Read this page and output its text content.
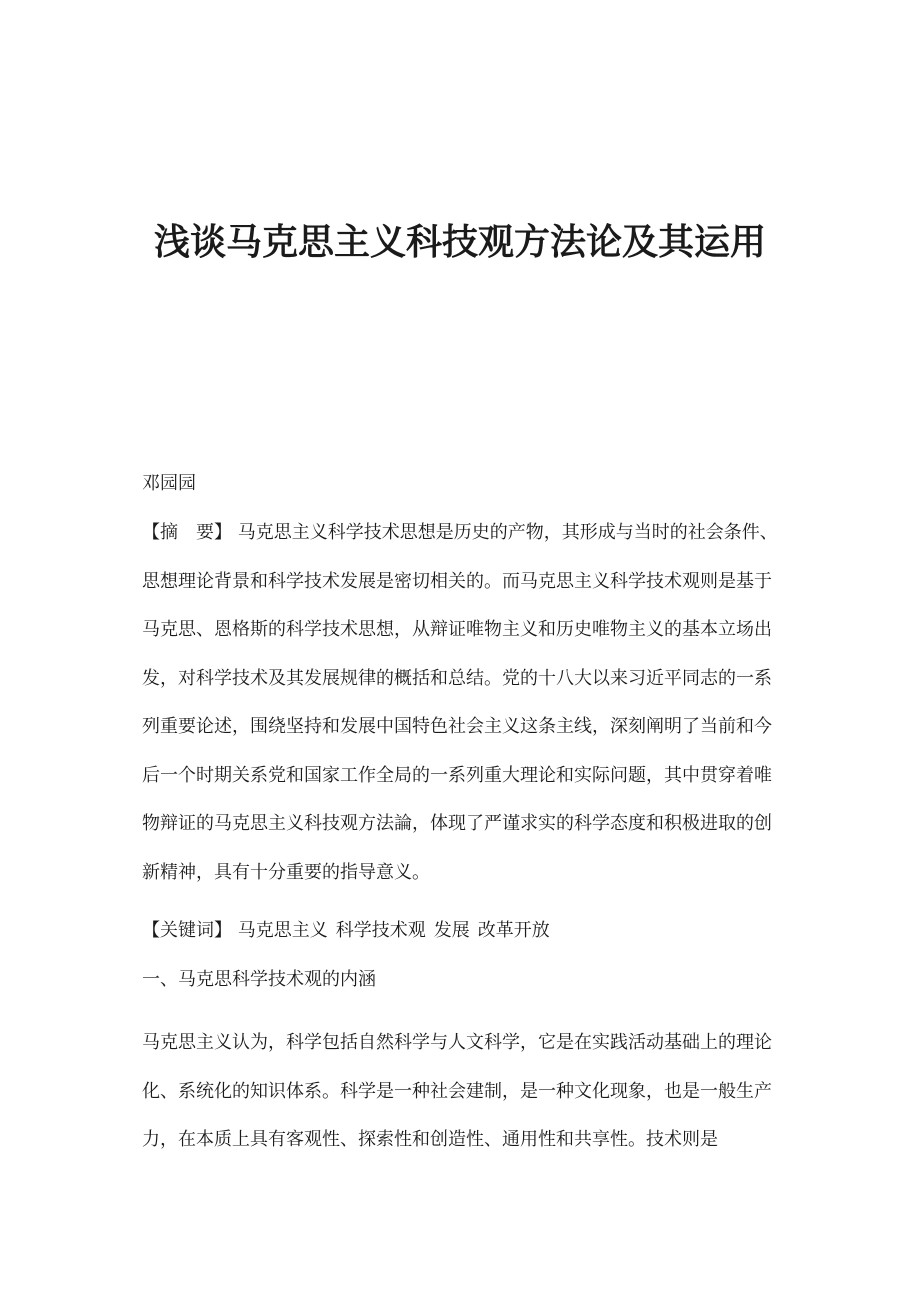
浅谈马克思主义科技观方法论及其运用

邓园园

【摘　要】 马克思主义科学技术思想是历史的产物，其形成与当时的社会条件、思想理论背景和科学技术发展是密切相关的。而马克思主义科学技术观则是基于马克思、恩格斯的科学技术思想，从辩证唯物主义和历史唯物主义的基本立场出发，对科学技术及其发展规律的概括和总结。党的十八大以来习近平同志的一系列重要论述，围绕坚持和发展中国特色社会主义这条主线，深刻阐明了当前和今后一个时期关系党和国家工作全局的一系列重大理论和实际问题，其中贯穿着唯物辩证的马克思主义科技观方法論，体现了严谨求实的科学态度和积极进取的创新精神，具有十分重要的指导意义。

【关键词】 马克思主义 科学技术观 发展 改革开放

一、马克思科学技术观的内涵

马克思主义认为，科学包括自然科学与人文科学，它是在实践活动基础上的理论化、系统化的知识体系。科学是一种社会建制，是一种文化现象，也是一般生产力，在本质上具有客观性、探索性和创造性、通用性和共享性。技术则是
